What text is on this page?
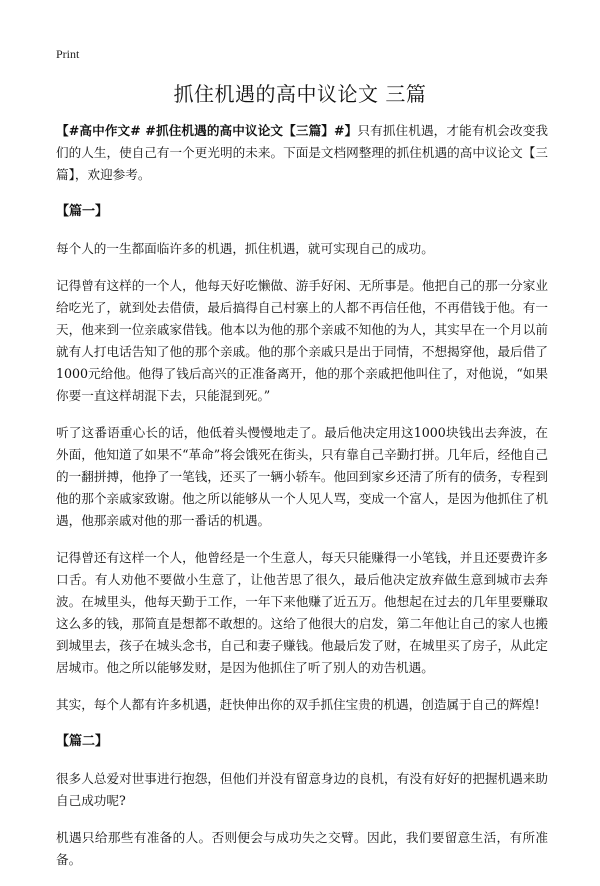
Print
抓住机遇的高中议论文 三篇

【#高中作文# #抓住机遇的高中议论文【三篇】#】只有抓住机遇，才能有机会改变我们的人生，使自己有一个更光明的未来。下面是文档网整理的抓住机遇的高中议论文【三篇】，欢迎参考。

【篇一】

每个人的一生都面临许多的机遇，抓住机遇，就可实现自己的成功。

记得曾有这样的一个人，他每天好吃懒做、游手好闲、无所事是。他把自己的那一分家业给吃光了，就到处去借债，最后搞得自己村寨上的人都不再信任他，不再借钱于他。有一天，他来到一位亲戚家借钱。他本以为他的那个亲戚不知他的为人，其实早在一个月以前就有人打电话告知了他的那个亲戚。他的那个亲戚只是出于同情，不想揭穿他，最后借了1000元给他。他得了钱后高兴的正准备离开，他的那个亲戚把他叫住了，对他说，“如果你要一直这样胡混下去，只能混到死。”

听了这番语重心长的话，他低着头慢慢地走了。最后他决定用这1000块钱出去奔波，在外面，他知道了如果不“革命”将会饿死在街头，只有靠自己辛勤打拼。几年后，经他自己的一翻拼搏，他挣了一笔钱，还买了一辆小轿车。他回到家乡还清了所有的债务，专程到他的那个亲戚家致谢。他之所以能够从一个人见人骂，变成一个富人，是因为他抓住了机遇，他那亲戚对他的那一番话的机遇。

记得曾还有这样一个人，他曾经是一个生意人，每天只能赚得一小笔钱，并且还要费许多口舌。有人劝他不要做小生意了，让他苦思了很久，最后他决定放弃做生意到城市去奔波。在城里头，他每天勤于工作，一年下来他赚了近五万。他想起在过去的几年里要赚取这么多的钱，那简直是想都不敢想的。这给了他很大的启发，第二年他让自己的家人也搬到城里去，孩子在城头念书，自己和妻子赚钱。他最后发了财，在城里买了房子，从此定居城市。他之所以能够发财，是因为他抓住了听了别人的劝告机遇。

其实，每个人都有许多机遇，赶快伸出你的双手抓住宝贵的机遇，创造属于自己的辉煌!

【篇二】

很多人总爱对世事进行抱怨，但他们并没有留意身边的良机，有没有好好的把握机遇来助自己成功呢?

机遇只给那些有准备的人。否则便会与成功失之交臂。因此，我们要留意生活，有所准备。
